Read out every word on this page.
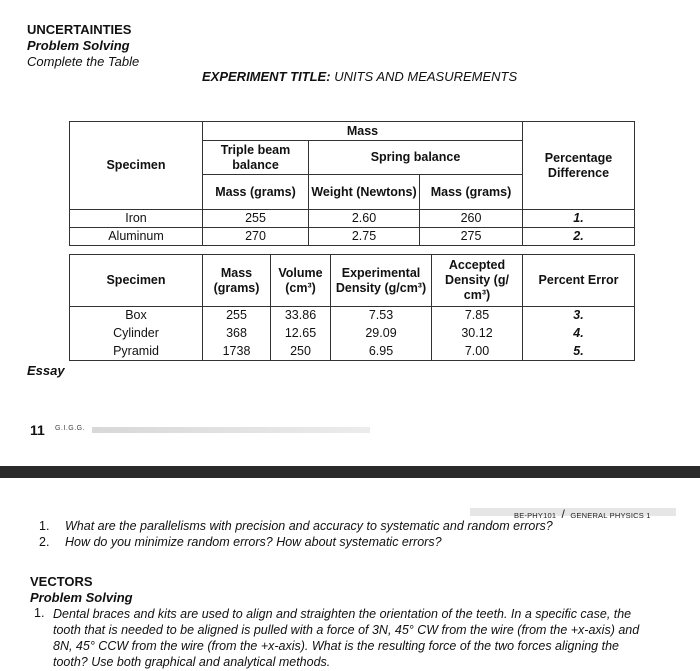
UNCERTAINTIES
Problem Solving
Complete the Table
EXPERIMENT TITLE: UNITS AND MEASUREMENTS
Specimen	Mass			Percentage Difference
	Triple beam balance	Spring balance		
	Mass (grams)	Weight (Newtons)	Mass (grams)	
Iron	255	2.60	260	1.
Aluminum	270	2.75	275	2.
Specimen	Mass (grams)	Volume (cm³)	Experimental Density (g/cm³)	Accepted Density (g/ cm³)	Percent Error
Box	255	33.86	7.53	7.85	3.
Cylinder	368	12.65	29.09	30.12	4.
Pyramid	1738	250	6.95	7.00	5.
Essay
11 G.I.G.G.
BE-PHY101 / GENERAL PHYSICS 1
1. What are the parallelisms with precision and accuracy to systematic and random errors?
2. How do you minimize random errors? How about systematic errors?
VECTORS
Problem Solving
1. Dental braces and kits are used to align and straighten the orientation of the teeth. In a specific case, the
tooth that is needed to be aligned is pulled with a force of 3N, 45° CW from the wire (from the +x-axis) and
8N, 45° CCW from the wire (from the +x-axis). What is the resulting force of the two forces aligning the
tooth? Use both graphical and analytical methods.
